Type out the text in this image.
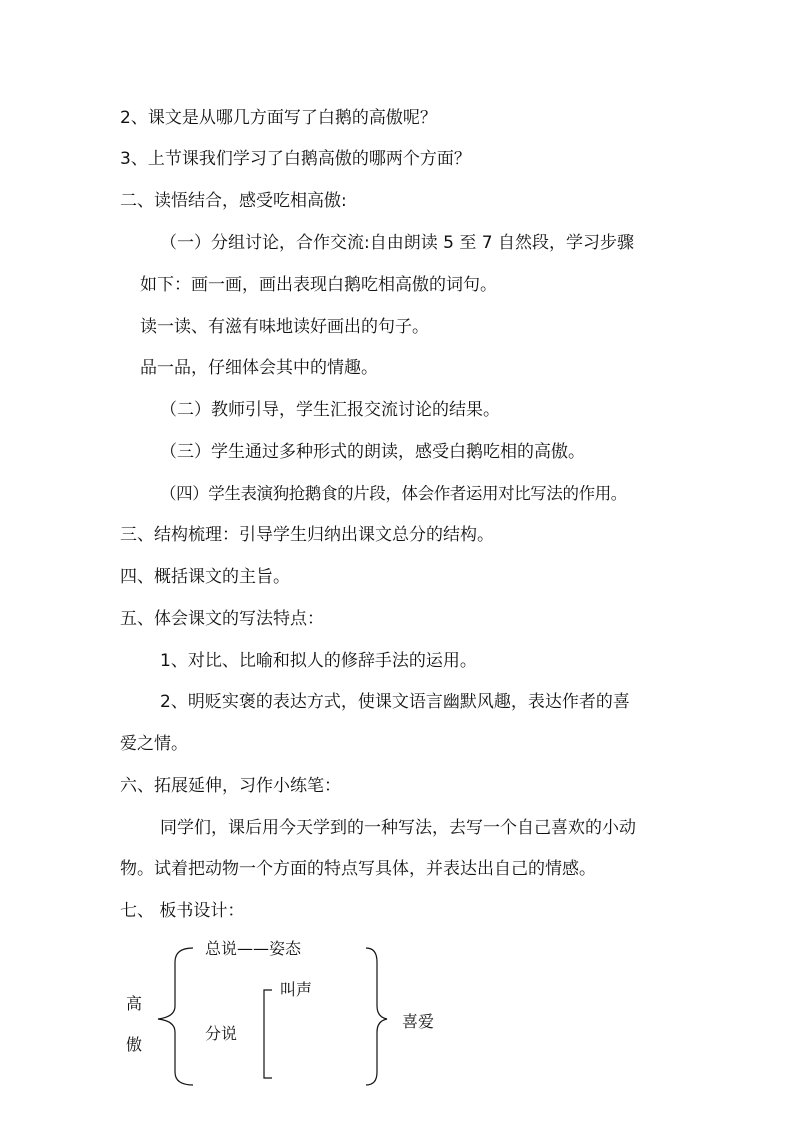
2、课文是从哪几方面写了白鹅的高傲呢？
3、上节课我们学习了白鹅高傲的哪两个方面？
二、读悟结合，感受吃相高傲:
（一）分组讨论，合作交流:自由朗读 5 至 7 自然段，学习步骤
如下：画一画，画出表现白鹅吃相高傲的词句。
读一读、有滋有味地读好画出的句子。
品一品，仔细体会其中的情趣。
（二）教师引导，学生汇报交流讨论的结果。
（三）学生通过多种形式的朗读，感受白鹅吃相的高傲。
（四）学生表演狗抢鹅食的片段，体会作者运用对比写法的作用。
三、结构梳理：引导学生归纳出课文总分的结构。
四、概括课文的主旨。
五、体会课文的写法特点：
1、对比、比喻和拟人的修辞手法的运用。
2、明贬实褒的表达方式，使课文语言幽默风趣，表达作者的喜
爱之情。
六、拓展延伸，习作小练笔：
同学们，课后用今天学到的一种写法，去写一个自己喜欢的小动
物。试着把动物一个方面的特点写具体，并表达出自己的情感。
七、 板书设计：
高
傲
总说——姿态
叫声
分说
喜爱
